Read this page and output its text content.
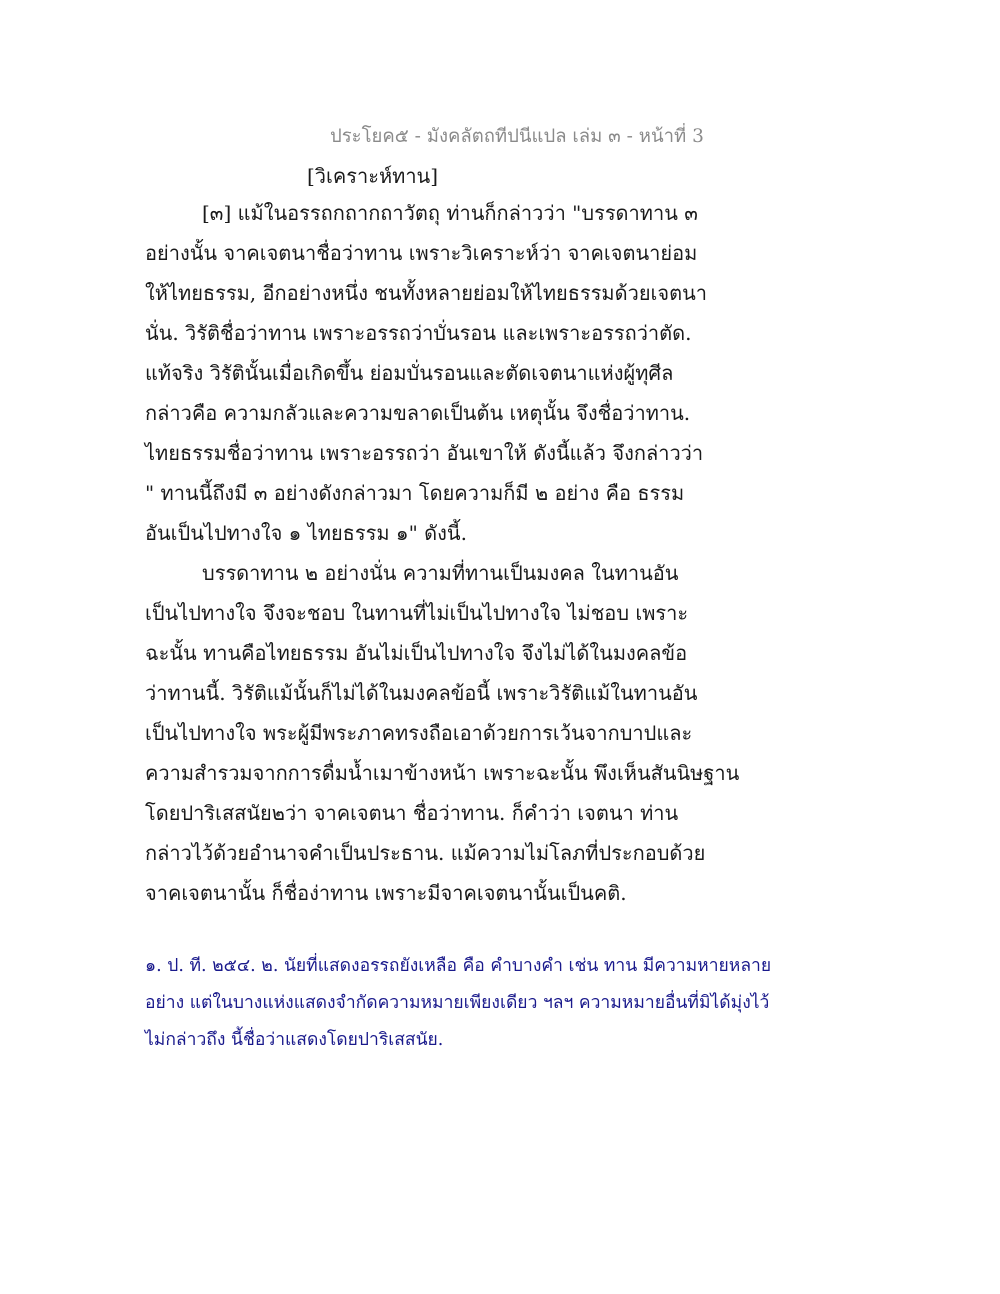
ประโยค๕ - มังคลัตถทีปนีแปล เล่ม ๓ - หน้าที่ 3
[วิเคราะห์ทาน]
[๓] แม้ในอรรถกถากถาวัตถุ ท่านก็กล่าวว่า "บรรดาทาน ๓
อย่างนั้น จาคเจตนาชื่อว่าทาน เพราะวิเคราะห์ว่า จาคเจตนาย่อม
ให้ไทยธรรม, อีกอย่างหนึ่ง ชนทั้งหลายย่อมให้ไทยธรรมด้วยเจตนา
นั่น. วิรัติชื่อว่าทาน เพราะอรรถว่าบั่นรอน และเพราะอรรถว่าตัด.
แท้จริง วิรัตินั้นเมื่อเกิดขึ้น ย่อมบั่นรอนและตัดเจตนาแห่งผู้ทุศีล
กล่าวคือ ความกลัวและความขลาดเป็นต้น เหตุนั้น จึงชื่อว่าทาน.
ไทยธรรมชื่อว่าทาน เพราะอรรถว่า อันเขาให้ ดังนี้แล้ว จึงกล่าวว่า
" ทานนี้ถึงมี ๓ อย่างดังกล่าวมา โดยความก็มี ๒ อย่าง คือ ธรรม
อันเป็นไปทางใจ ๑ ไทยธรรม ๑" ดังนี้.
บรรดาทาน ๒ อย่างนั่น ความที่ทานเป็นมงคล ในทานอัน
เป็นไปทางใจ จึงจะชอบ ในทานที่ไม่เป็นไปทางใจ ไม่ชอบ เพราะ
ฉะนั้น ทานคือไทยธรรม อันไม่เป็นไปทางใจ จึงไม่ได้ในมงคลข้อ
ว่าทานนี้. วิรัติแม้นั้นก็ไม่ได้ในมงคลข้อนี้ เพราะวิรัติแม้ในทานอัน
เป็นไปทางใจ พระผู้มีพระภาคทรงถือเอาด้วยการเว้นจากบาปและ
ความสำรวมจากการดื่มน้ำเมาข้างหน้า เพราะฉะนั้น พึงเห็นสันนิษฐาน
โดยปาริเสสนัย๒ว่า จาคเจตนา ชื่อว่าทาน. ก็คำว่า เจตนา ท่าน
กล่าวไว้ด้วยอำนาจคำเป็นประธาน. แม้ความไม่โลภที่ประกอบด้วย
จาคเจตนานั้น ก็ชื่อง่าทาน เพราะมีจาคเจตนานั้นเป็นคติ.
๑. ป. ที. ๒๕๔. ๒. นัยที่แสดงอรรถยังเหลือ คือ คำบางคำ เช่น ทาน มีความหายหลาย
อย่าง แต่ในบางแห่งแสดงจำกัดความหมายเพียงเดียว ฯลฯ ความหมายอื่นที่มิได้มุ่งไว้
ไม่กล่าวถึง นี้ชื่อว่าแสดงโดยปาริเสสนัย.
